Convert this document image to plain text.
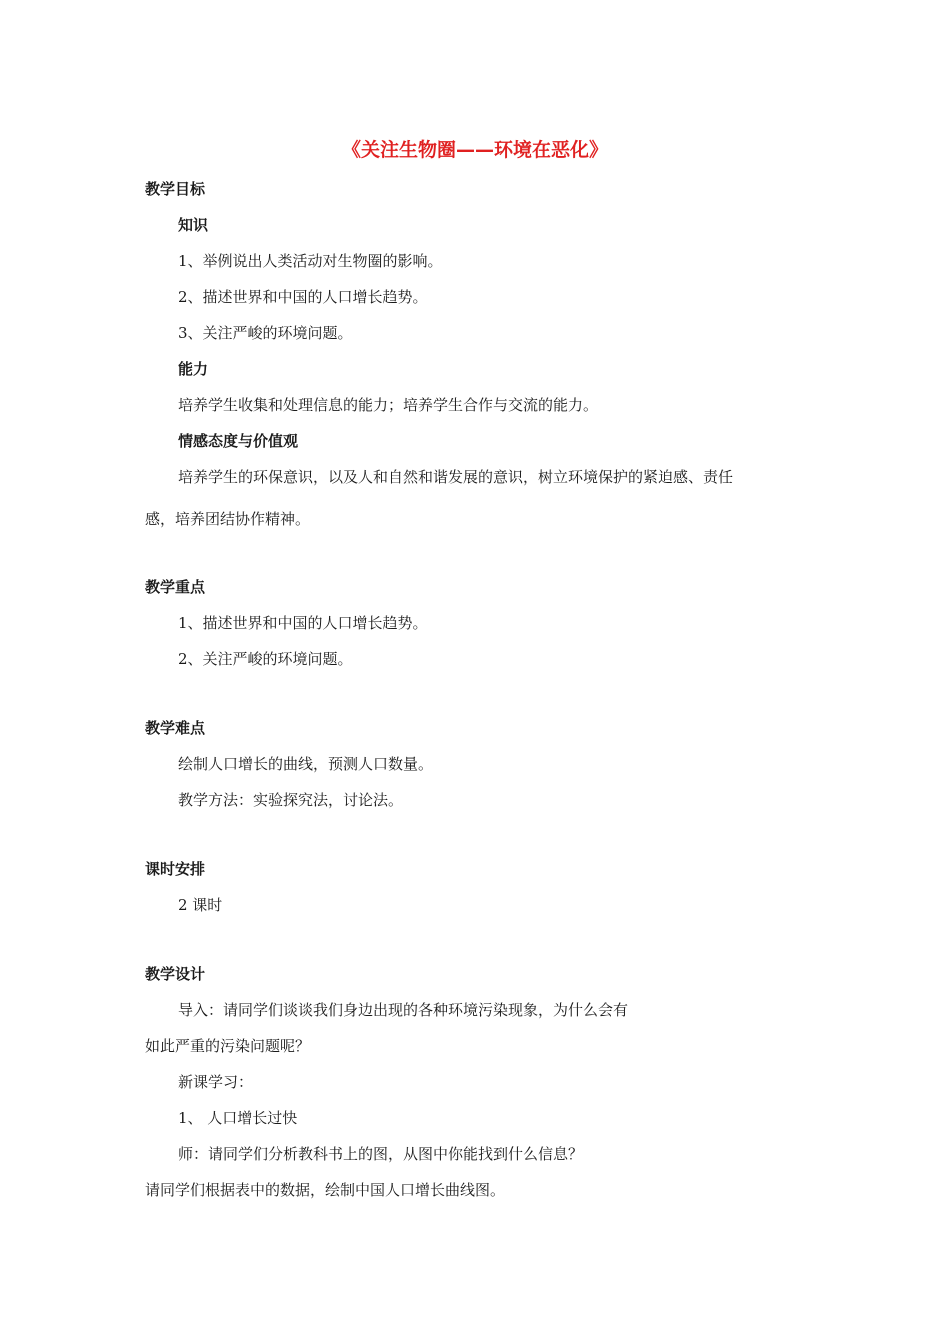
《关注生物圈——环境在恶化》
教学目标
知识
1、举例说出人类活动对生物圈的影响。
2、描述世界和中国的人口增长趋势。
3、关注严峻的环境问题。
能力
培养学生收集和处理信息的能力；培养学生合作与交流的能力。
情感态度与价值观
培养学生的环保意识，以及人和自然和谐发展的意识，树立环境保护的紧迫感、责任
感，培养团结协作精神。
教学重点
1、描述世界和中国的人口增长趋势。
2、关注严峻的环境问题。
教学难点
绘制人口增长的曲线，预测人口数量。
教学方法：实验探究法，讨论法。
课时安排
2 课时
教学设计
导入：请同学们谈谈我们身边出现的各种环境污染现象，为什么会有
如此严重的污染问题呢？
新课学习：
1、 人口增长过快
师：请同学们分析教科书上的图，从图中你能找到什么信息？
请同学们根据表中的数据，绘制中国人口增长曲线图。
